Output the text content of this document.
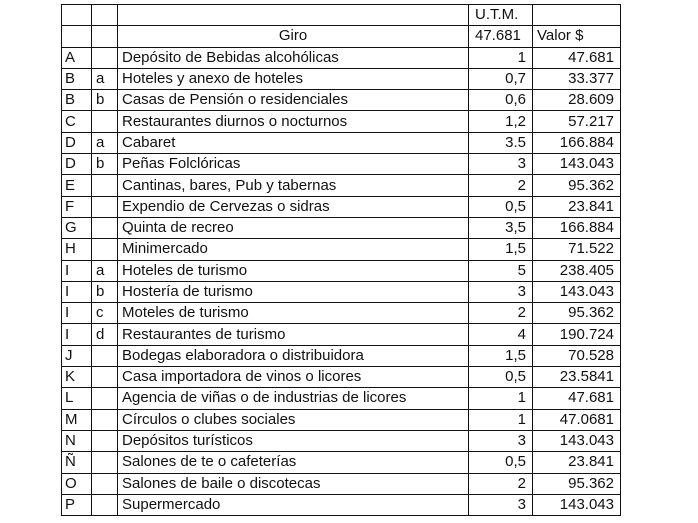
			U.T.M.	
		Giro	47.681	Valor $
A		Depósito de Bebidas alcohólicas	1	47.681
B	a	Hoteles y anexo de hoteles	0,7	33.377
B	b	Casas de Pensión o residenciales	0,6	28.609
C		Restaurantes diurnos o nocturnos	1,2	57.217
D	a	Cabaret	3.5	166.884
D	b	Peñas Folclóricas	3	143.043
E		Cantinas, bares, Pub y tabernas	2	95.362
F		Expendio de Cervezas o sidras	0,5	23.841
G		Quinta de recreo	3,5	166.884
H		Minimercado	1,5	71.522
I	a	Hoteles de turismo	5	238.405
I	b	Hostería de turismo	3	143.043
I	c	Moteles de turismo	2	95.362
I	d	Restaurantes de turismo	4	190.724
J		Bodegas elaboradora o distribuidora	1,5	70.528
K		Casa importadora de vinos o licores	0,5	23.5841
L		Agencia de viñas o de industrias de licores	1	47.681
M		Círculos o clubes sociales	1	47.0681
N		Depósitos turísticos	3	143.043
Ñ		Salones de te o cafeterías	0,5	23.841
O		Salones de baile o discotecas	2	95.362
P		Supermercado	3	143.043
